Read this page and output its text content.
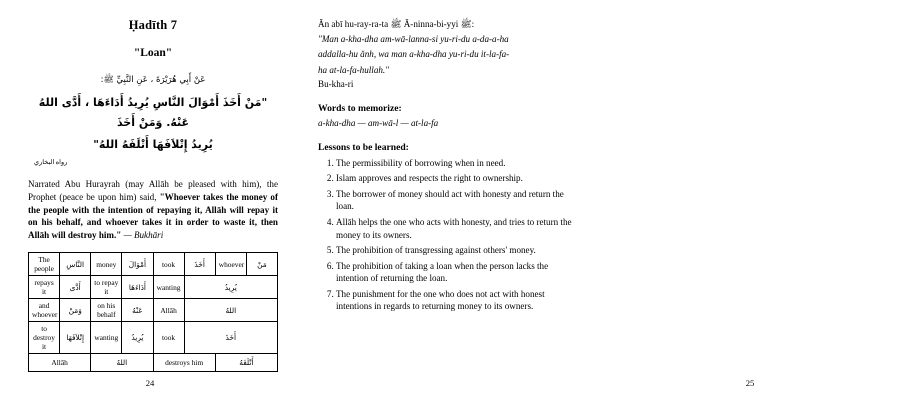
Ḥadīth 7
"Loan"
عَنْ أَبِي هُرَيْرَةَ ، عَنِ النَّبِيِّ ﷺ:
"مَنْ أَخَذَ أَمْوَالَ النَّاسِ يُرِيدُ أَدَاءَهَا ، أَدَّى اللهُ عَنْهُ. وَمَنْ أَخَذَ
يُرِيدُ إِتْلاَفَهَا أَتْلَفَهُ اللهُ"
رواه البخاري

Narrated Abu Hurayrah (may Allāh be pleased with him), the Prophet (peace be upon him) said, "Whoever takes the money of the people with the intention of repaying it, Allāh will repay it on his behalf, and whoever takes it in order to waste it, then Allāh will destroy him." — Bukhāri

The people	النَّاسِ	money	أَمْوَالَ	took	أَخَذَ	whoever	مَنْ
repays it	أَدَّى	to repay it	أَدَاءَهَا	wanting	يُرِيدُ		
and whoever	وَمَنْ	on his behalf	عَنْهُ	Allāh	اللهُ		
to destroy it	إِتْلاَفَهَا	wanting	يُرِيدُ	took	أَخَذَ		
Allāh		اللهُ		destroys him		أَتْلَفَهُ	
24
Ăn abī hu-ray-ra-ta ﷺ Ă-ninna-bi-yyi ﷺ:
"Man a-kha-dha am-wā-lanna-si yu-ri-du a-da-a-ha
addalla-hu ănh, wa man a-kha-dha yu-ri-du it-la-fa-
ha at-la-fa-hullah."
Bu-kha-ri
Words to memorize:
a-kha-dha — am-wā-l — at-la-fa
Lessons to be learned:
1. The permissibility of borrowing when in need.
2. Islam approves and respects the right to ownership.
3. The borrower of money should act with honesty and return the loan.
4. Allāh helps the one who acts with honesty, and tries to return the money to its owners.
5. The prohibition of transgressing against others' money.
6. The prohibition of taking a loan when the person lacks the intention of returning the loan.
7. The punishment for the one who does not act with honest intentions in regards to returning money to its owners.
25
